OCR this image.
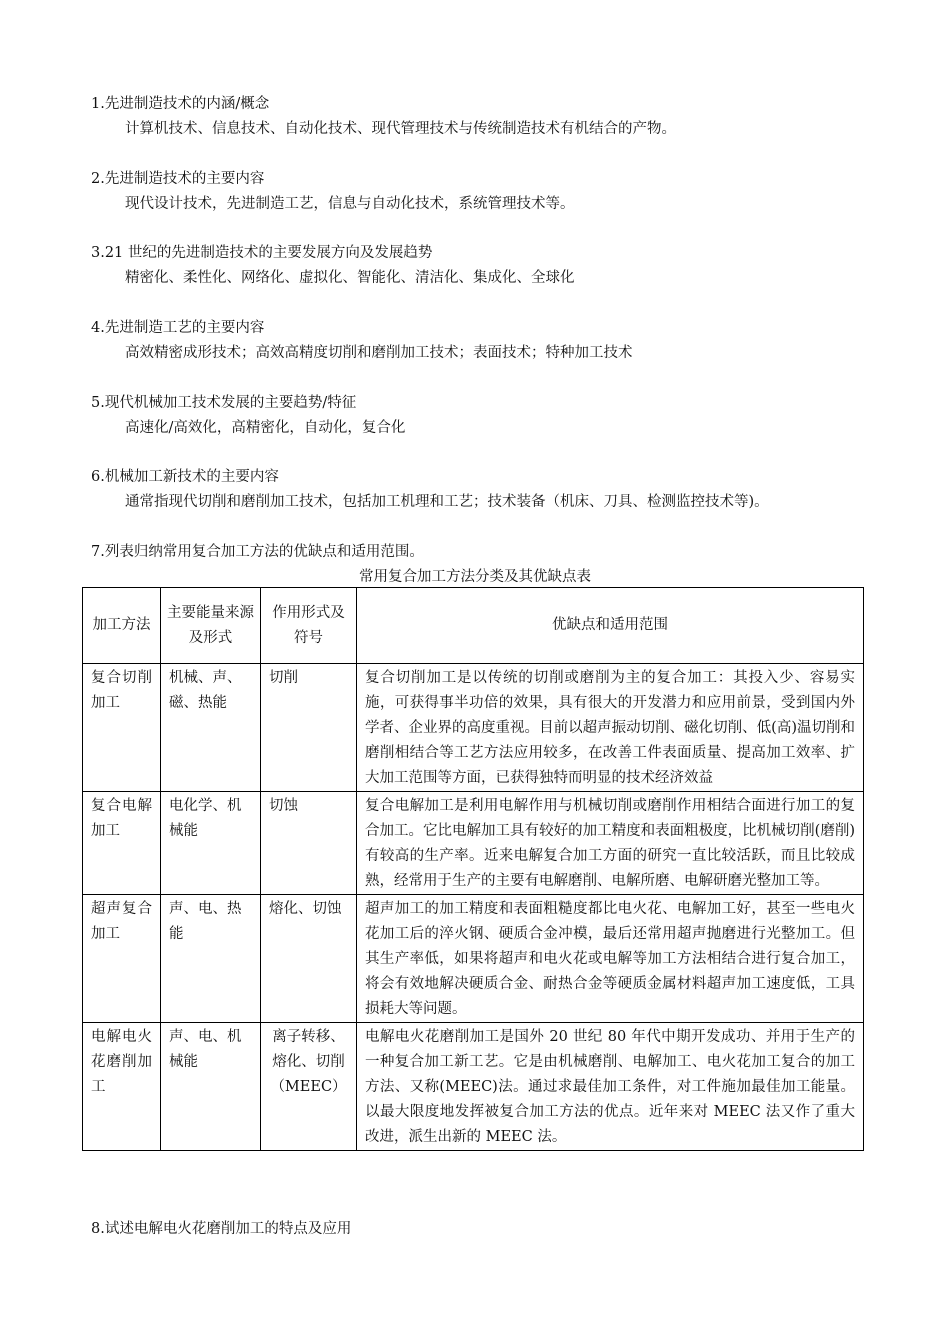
1.先进制造技术的内涵/概念
计算机技术、信息技术、自动化技术、现代管理技术与传统制造技术有机结合的产物。
2.先进制造技术的主要内容
现代设计技术，先进制造工艺，信息与自动化技术，系统管理技术等。
3.21 世纪的先进制造技术的主要发展方向及发展趋势
精密化、柔性化、网络化、虚拟化、智能化、清洁化、集成化、全球化
4.先进制造工艺的主要内容
高效精密成形技术；高效高精度切削和磨削加工技术；表面技术；特种加工技术
5.现代机械加工技术发展的主要趋势/特征
高速化/高效化，高精密化，自动化，复合化
6.机械加工新技术的主要内容
通常指现代切削和磨削加工技术，包括加工机理和工艺；技术装备（机床、刀具、检测监控技术等)。
7.列表归纳常用复合加工方法的优缺点和适用范围。
常用复合加工方法分类及其优缺点表
加工方法	主要能量来源及形式	作用形式及符号	优缺点和适用范围
复合切削加工	机械、声、磁、热能	切削	复合切削加工是以传统的切削或磨削为主的复合加工：其投入少、容易实施，可获得事半功倍的效果，具有很大的开发潜力和应用前景，受到国内外学者、企业界的高度重视。目前以超声振动切削、磁化切削、低(高)温切削和磨削相结合等工艺方法应用较多，在改善工件表面质量、提高加工效率、扩大加工范围等方面，已获得独特而明显的技术经济效益
复合电解加工	电化学、机械能	切蚀	复合电解加工是利用电解作用与机械切削或磨削作用相结合面进行加工的复合加工。它比电解加工具有较好的加工精度和表面粗极度，比机械切削(磨削)有较高的生产率。近来电解复合加工方面的研究一直比较活跃，而且比较成熟，经常用于生产的主要有电解磨削、电解所磨、电解研磨光整加工等。
超声复合加工	声、电、热能	熔化、切蚀	超声加工的加工精度和表面粗糙度都比电火花、电解加工好，甚至一些电火花加工后的淬火钢、硬质合金冲模，最后还常用超声抛磨进行光整加工。但其生产率低，如果将超声和电火花或电解等加工方法相结合进行复合加工，将会有效地解决硬质合金、耐热合金等硬质金属材料超声加工速度低，工具损耗大等问题。
电解电火花磨削加工	声、电、机械能	离子转移、熔化、切削（MEEC）	电解电火花磨削加工是国外 20 世纪 80 年代中期开发成功、并用于生产的一种复合加工新工艺。它是由机械磨削、电解加工、电火花加工复合的加工方法、又称(MEEC)法。通过求最佳加工条件，对工件施加最佳加工能量。以最大限度地发挥被复合加工方法的优点。近年来对 MEEC 法又作了重大改进，派生出新的 MEEC 法。
8.试述电解电火花磨削加工的特点及应用
